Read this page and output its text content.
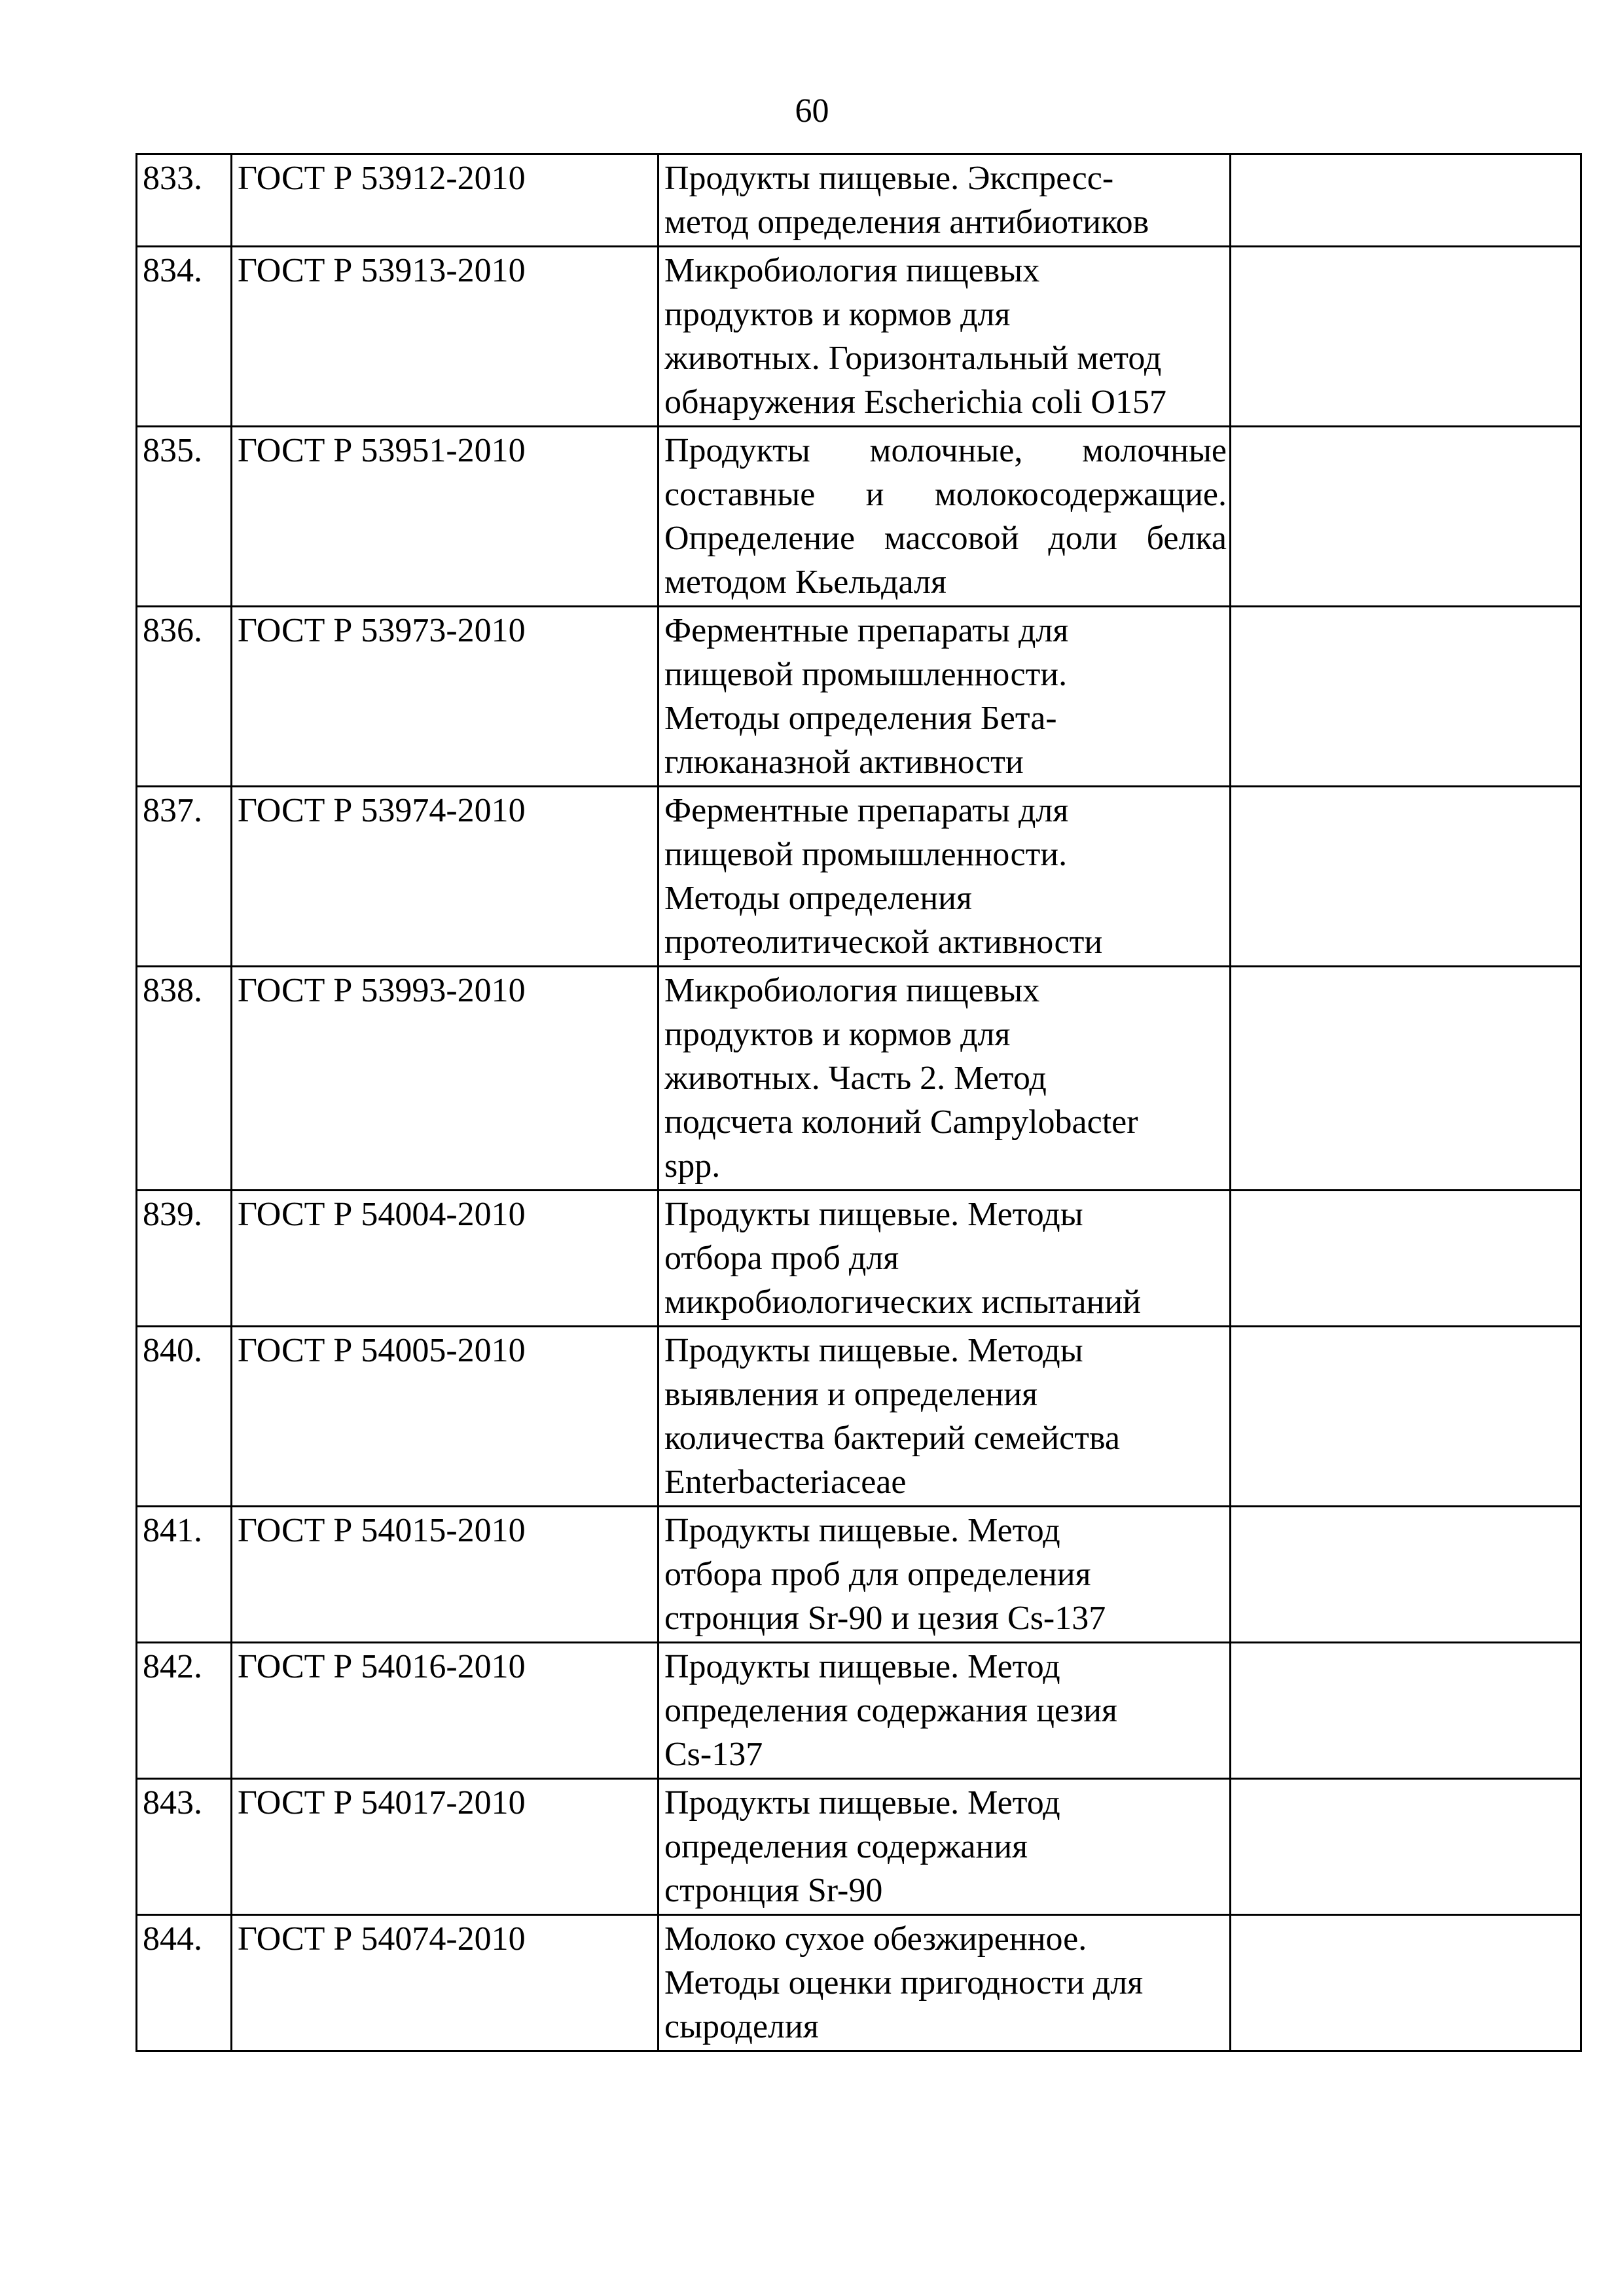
60
833.	ГОСТ Р 53912-2010	Продукты пищевые. Экспресс-
метод определения антибиотиков	

834.	ГОСТ Р 53913-2010	Микробиология пищевых
продуктов и кормов для
животных. Горизонтальный метод
обнаружения Escherichia coli O157	

835.	ГОСТ Р 53951-2010	Продукты молочные, молочные
составные и молокосодержащие.
Определение массовой доли белка
методом Кьельдаля	

836.	ГОСТ Р 53973-2010	Ферментные препараты для
пищевой промышленности.
Методы определения Бета-
глюканазной активности	

837.	ГОСТ Р 53974-2010	Ферментные препараты для
пищевой промышленности.
Методы определения
протеолитической активности	

838.	ГОСТ Р 53993-2010	Микробиология пищевых
продуктов и кормов для
животных. Часть 2. Метод
подсчета колоний Campylobacter
spp.	

839.	ГОСТ Р 54004-2010	Продукты пищевые. Методы
отбора проб для
микробиологических испытаний	

840.	ГОСТ Р 54005-2010	Продукты пищевые. Методы
выявления и определения
количества бактерий семейства
Enterbacteriaceae	

841.	ГОСТ Р 54015-2010	Продукты пищевые. Метод
отбора проб для определения
стронция Sr-90 и цезия Cs-137	

842.	ГОСТ Р 54016-2010	Продукты пищевые. Метод
определения содержания цезия
Cs-137	

843.	ГОСТ Р 54017-2010	Продукты пищевые. Метод
определения содержания
стронция Sr-90	

844.	ГОСТ Р 54074-2010	Молоко сухое обезжиренное.
Методы оценки пригодности для
сыроделия	
